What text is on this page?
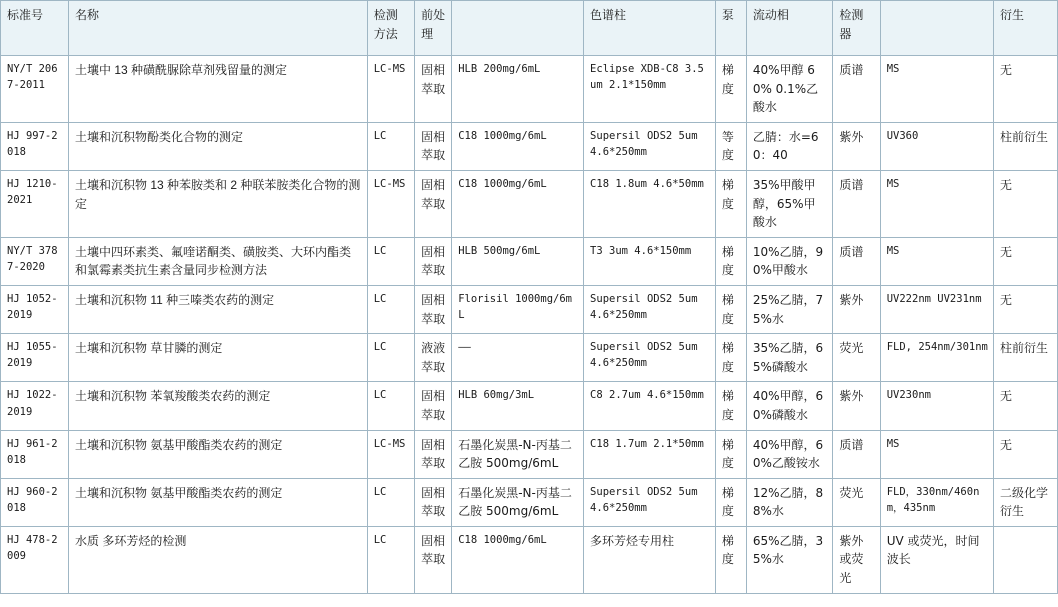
标准号	名称	检测方法	前处理		色谱柱	泵	流动相	检测器		衍生
NY/T 2067-2011	土壤中 13 种磺酰脲除草剂残留量的测定	LC-MS	固相萃取	HLB 200mg/6mL	Eclipse XDB-C8 3.5um 2.1*150mm	梯度	40%甲醇 60% 0.1%乙酸水	质谱	MS	无
HJ 997-2018	土壤和沉积物酚类化合物的测定	LC	固相萃取	C18 1000mg/6mL	Supersil ODS2 5um 4.6*250mm	等度	乙腈：水=60：40	紫外	UV360	柱前衍生
HJ 1210-2021	土壤和沉积物 13 种苯胺类和 2 种联苯胺类化合物的测定	LC-MS	固相萃取	C18 1000mg/6mL	C18 1.8um 4.6*50mm	梯度	35%甲酸甲醇，65%甲酸水	质谱	MS	无
NY/T 3787-2020	土壤中四环素类、氟喹诺酮类、磺胺类、大环内酯类和氯霉素类抗生素含量同步检测方法	LC	固相萃取	HLB 500mg/6mL	T3 3um 4.6*150mm	梯度	10%乙腈，90%甲酸水	质谱	MS	无
HJ 1052-2019	土壤和沉积物 11 种三嗪类农药的测定	LC	固相萃取	Florisil 1000mg/6mL	Supersil ODS2 5um 4.6*250mm	梯度	25%乙腈，75%水	紫外	UV222nm UV231nm	无
HJ 1055-2019	土壤和沉积物 草甘膦的测定	LC	液液萃取	——	Supersil ODS2 5um 4.6*250mm	梯度	35%乙腈，65%磷酸水	荧光	FLD, 254nm/301nm	柱前衍生
HJ 1022-2019	土壤和沉积物 苯氧羧酸类农药的测定	LC	固相萃取	HLB 60mg/3mL	C8 2.7um 4.6*150mm	梯度	40%甲醇，60%磷酸水	紫外	UV230nm	无
HJ 961-2018	土壤和沉积物 氨基甲酸酯类农药的测定	LC-MS	固相萃取	石墨化炭黑-N-丙基二乙胺 500mg/6mL	C18 1.7um 2.1*50mm	梯度	40%甲醇，60%乙酸铵水	质谱	MS	无
HJ 960-2018	土壤和沉积物 氨基甲酸酯类农药的测定	LC	固相萃取	石墨化炭黑-N-丙基二乙胺 500mg/6mL	Supersil ODS2 5um 4.6*250mm	梯度	12%乙腈，88%水	荧光	FLD，330nm/460nm，435nm	二级化学衍生
HJ 478-2009	水质 多环芳烃的检测	LC	固相萃取	C18 1000mg/6mL	多环芳烃专用柱	梯度	65%乙腈，35%水	紫外或荧光	UV 或荧光，时间波长	
